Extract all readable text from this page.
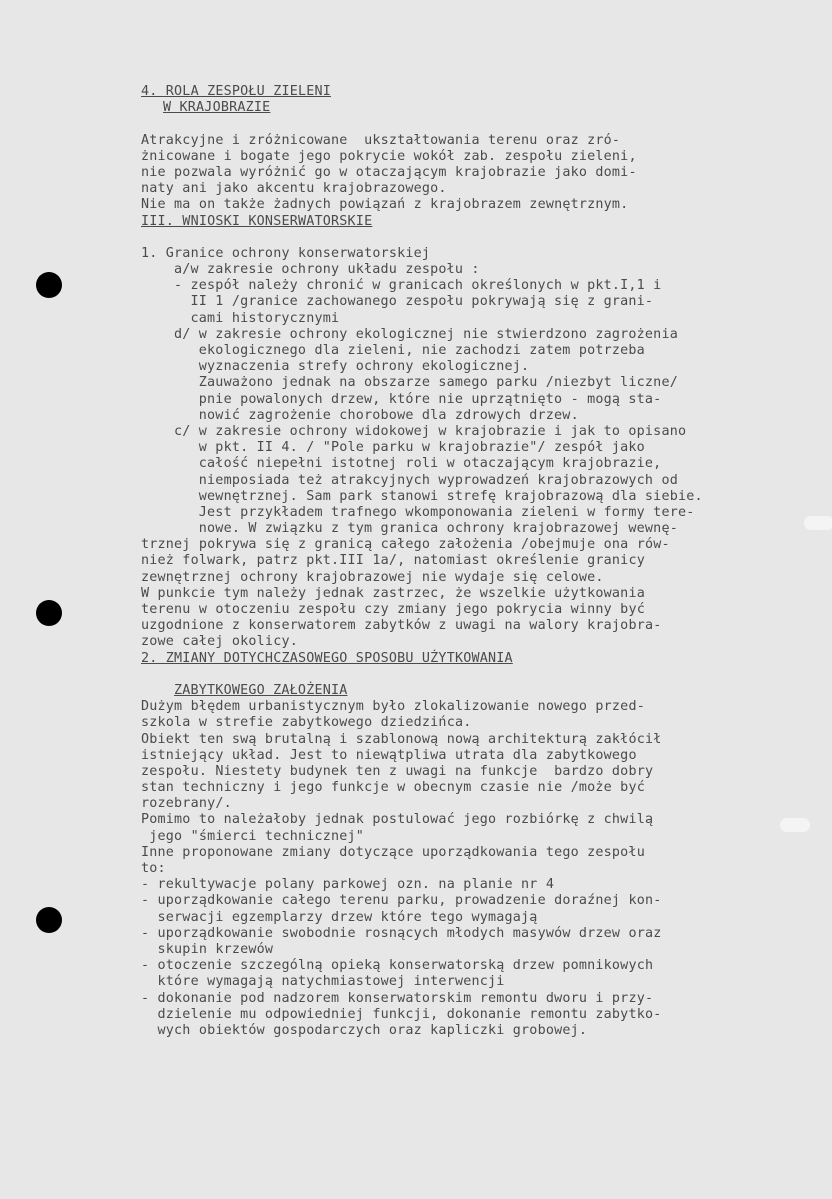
4. ROLA ZESPOŁU ZIELENI
W KRAJOBRAZIE

Atrakcyjne i zróżnicowane  ukształtowania terenu oraz zró-
żnicowane i bogate jego pokrycie wokół zab. zespołu zieleni,
nie pozwala wyróżnić go w otaczającym krajobrazie jako domi-
naty ani jako akcentu krajobrazowego.
Nie ma on także żadnych powiązań z krajobrazem zewnętrznym.
III. WNIOSKI KONSERWATORSKIE

1. Granice ochrony konserwatorskiej
a/w zakresie ochrony układu zespołu :
- zespół należy chronić w granicach określonych w pkt.I,1 i
II 1 /granice zachowanego zespołu pokrywają się z grani-
cami historycznymi
d/ w zakresie ochrony ekologicznej nie stwierdzono zagrożenia
ekologicznego dla zieleni, nie zachodzi zatem potrzeba
wyznaczenia strefy ochrony ekologicznej.
Zauważono jednak na obszarze samego parku /niezbyt liczne/
pnie powalonych drzew, które nie uprzątnięto - mogą sta-
nowić zagrożenie chorobowe dla zdrowych drzew.
c/ w zakresie ochrony widokowej w krajobrazie i jak to opisano
w pkt. II 4. / "Pole parku w krajobrazie"/ zespół jako
całość niepełni istotnej roli w otaczającym krajobrazie,
niemposiada też atrakcyjnych wyprowadzeń krajobrazowych od
wewnętrznej. Sam park stanowi strefę krajobrazową dla siebie.
Jest przykładem trafnego wkomponowania zieleni w formy tere-
nowe. W związku z tym granica ochrony krajobrazowej wewnę-
trznej pokrywa się z granicą całego założenia /obejmuje ona rów-
nież folwark, patrz pkt.III 1a/, natomiast określenie granicy
zewnętrznej ochrony krajobrazowej nie wydaje się celowe.
W punkcie tym należy jednak zastrzec, że wszelkie użytkowania
terenu w otoczeniu zespołu czy zmiany jego pokrycia winny być
uzgodnione z konserwatorem zabytków z uwagi na walory krajobra-
zowe całej okolicy.
2. ZMIANY DOTYCHCZASOWEGO SPOSOBU UŻYTKOWANIA

ZABYTKOWEGO ZAŁOŻENIA
Dużym błędem urbanistycznym było zlokalizowanie nowego przed-
szkola w strefie zabytkowego dziedzińca.
Obiekt ten swą brutalną i szablonową nową architekturą zakłócił
istniejący układ. Jest to niewątpliwa utrata dla zabytkowego
zespołu. Niestety budynek ten z uwagi na funkcje  bardzo dobry
stan techniczny i jego funkcje w obecnym czasie nie /może być
rozebrany/.
Pomimo to należałoby jednak postulować jego rozbiórkę z chwilą
jego "śmierci technicznej"
Inne proponowane zmiany dotyczące uporządkowania tego zespołu
to:
- rekultywacje polany parkowej ozn. na planie nr 4
- uporządkowanie całego terenu parku, prowadzenie doraźnej kon-
serwacji egzemplarzy drzew które tego wymagają
- uporządkowanie swobodnie rosnących młodych masywów drzew oraz
skupin krzewów
- otoczenie szczególną opieką konserwatorską drzew pomnikowych
które wymagają natychmiastowej interwencji
- dokonanie pod nadzorem konserwatorskim remontu dworu i przy-
dzielenie mu odpowiedniej funkcji, dokonanie remontu zabytko-
wych obiektów gospodarczych oraz kapliczki grobowej.
